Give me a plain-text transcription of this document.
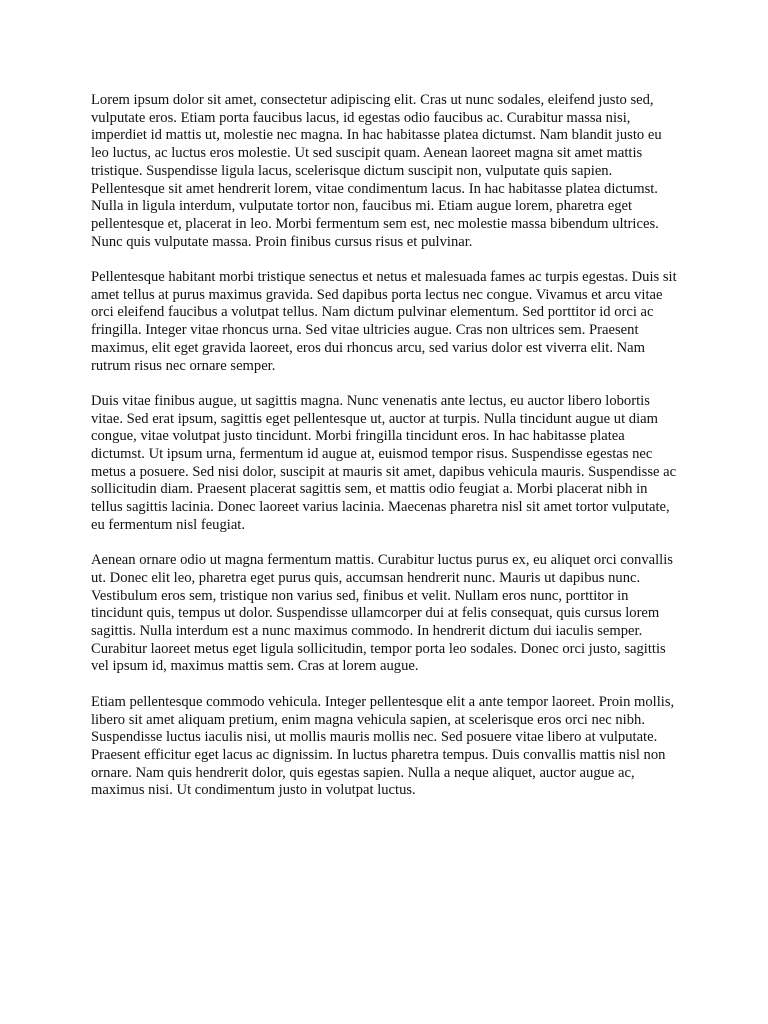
Lorem ipsum dolor sit amet, consectetur adipiscing elit. Cras ut nunc sodales, eleifend justo sed, vulputate eros. Etiam porta faucibus lacus, id egestas odio faucibus ac. Curabitur massa nisi, imperdiet id mattis ut, molestie nec magna. In hac habitasse platea dictumst. Nam blandit justo eu leo luctus, ac luctus eros molestie. Ut sed suscipit quam. Aenean laoreet magna sit amet mattis tristique. Suspendisse ligula lacus, scelerisque dictum suscipit non, vulputate quis sapien. Pellentesque sit amet hendrerit lorem, vitae condimentum lacus. In hac habitasse platea dictumst. Nulla in ligula interdum, vulputate tortor non, faucibus mi. Etiam augue lorem, pharetra eget pellentesque et, placerat in leo. Morbi fermentum sem est, nec molestie massa bibendum ultrices. Nunc quis vulputate massa. Proin finibus cursus risus et pulvinar.

Pellentesque habitant morbi tristique senectus et netus et malesuada fames ac turpis egestas. Duis sit amet tellus at purus maximus gravida. Sed dapibus porta lectus nec congue. Vivamus et arcu vitae orci eleifend faucibus a volutpat tellus. Nam dictum pulvinar elementum. Sed porttitor id orci ac fringilla. Integer vitae rhoncus urna. Sed vitae ultricies augue. Cras non ultrices sem. Praesent maximus, elit eget gravida laoreet, eros dui rhoncus arcu, sed varius dolor est viverra elit. Nam rutrum risus nec ornare semper.

Duis vitae finibus augue, ut sagittis magna. Nunc venenatis ante lectus, eu auctor libero lobortis vitae. Sed erat ipsum, sagittis eget pellentesque ut, auctor at turpis. Nulla tincidunt augue ut diam congue, vitae volutpat justo tincidunt. Morbi fringilla tincidunt eros. In hac habitasse platea dictumst. Ut ipsum urna, fermentum id augue at, euismod tempor risus. Suspendisse egestas nec metus a posuere. Sed nisi dolor, suscipit at mauris sit amet, dapibus vehicula mauris. Suspendisse ac sollicitudin diam. Praesent placerat sagittis sem, et mattis odio feugiat a. Morbi placerat nibh in tellus sagittis lacinia. Donec laoreet varius lacinia. Maecenas pharetra nisl sit amet tortor vulputate, eu fermentum nisl feugiat.

Aenean ornare odio ut magna fermentum mattis. Curabitur luctus purus ex, eu aliquet orci convallis ut. Donec elit leo, pharetra eget purus quis, accumsan hendrerit nunc. Mauris ut dapibus nunc. Vestibulum eros sem, tristique non varius sed, finibus et velit. Nullam eros nunc, porttitor in tincidunt quis, tempus ut dolor. Suspendisse ullamcorper dui at felis consequat, quis cursus lorem sagittis. Nulla interdum est a nunc maximus commodo. In hendrerit dictum dui iaculis semper. Curabitur laoreet metus eget ligula sollicitudin, tempor porta leo sodales. Donec orci justo, sagittis vel ipsum id, maximus mattis sem. Cras at lorem augue.

Etiam pellentesque commodo vehicula. Integer pellentesque elit a ante tempor laoreet. Proin mollis, libero sit amet aliquam pretium, enim magna vehicula sapien, at scelerisque eros orci nec nibh. Suspendisse luctus iaculis nisi, ut mollis mauris mollis nec. Sed posuere vitae libero at vulputate. Praesent efficitur eget lacus ac dignissim. In luctus pharetra tempus. Duis convallis mattis nisl non ornare. Nam quis hendrerit dolor, quis egestas sapien. Nulla a neque aliquet, auctor augue ac, maximus nisi. Ut condimentum justo in volutpat luctus.
